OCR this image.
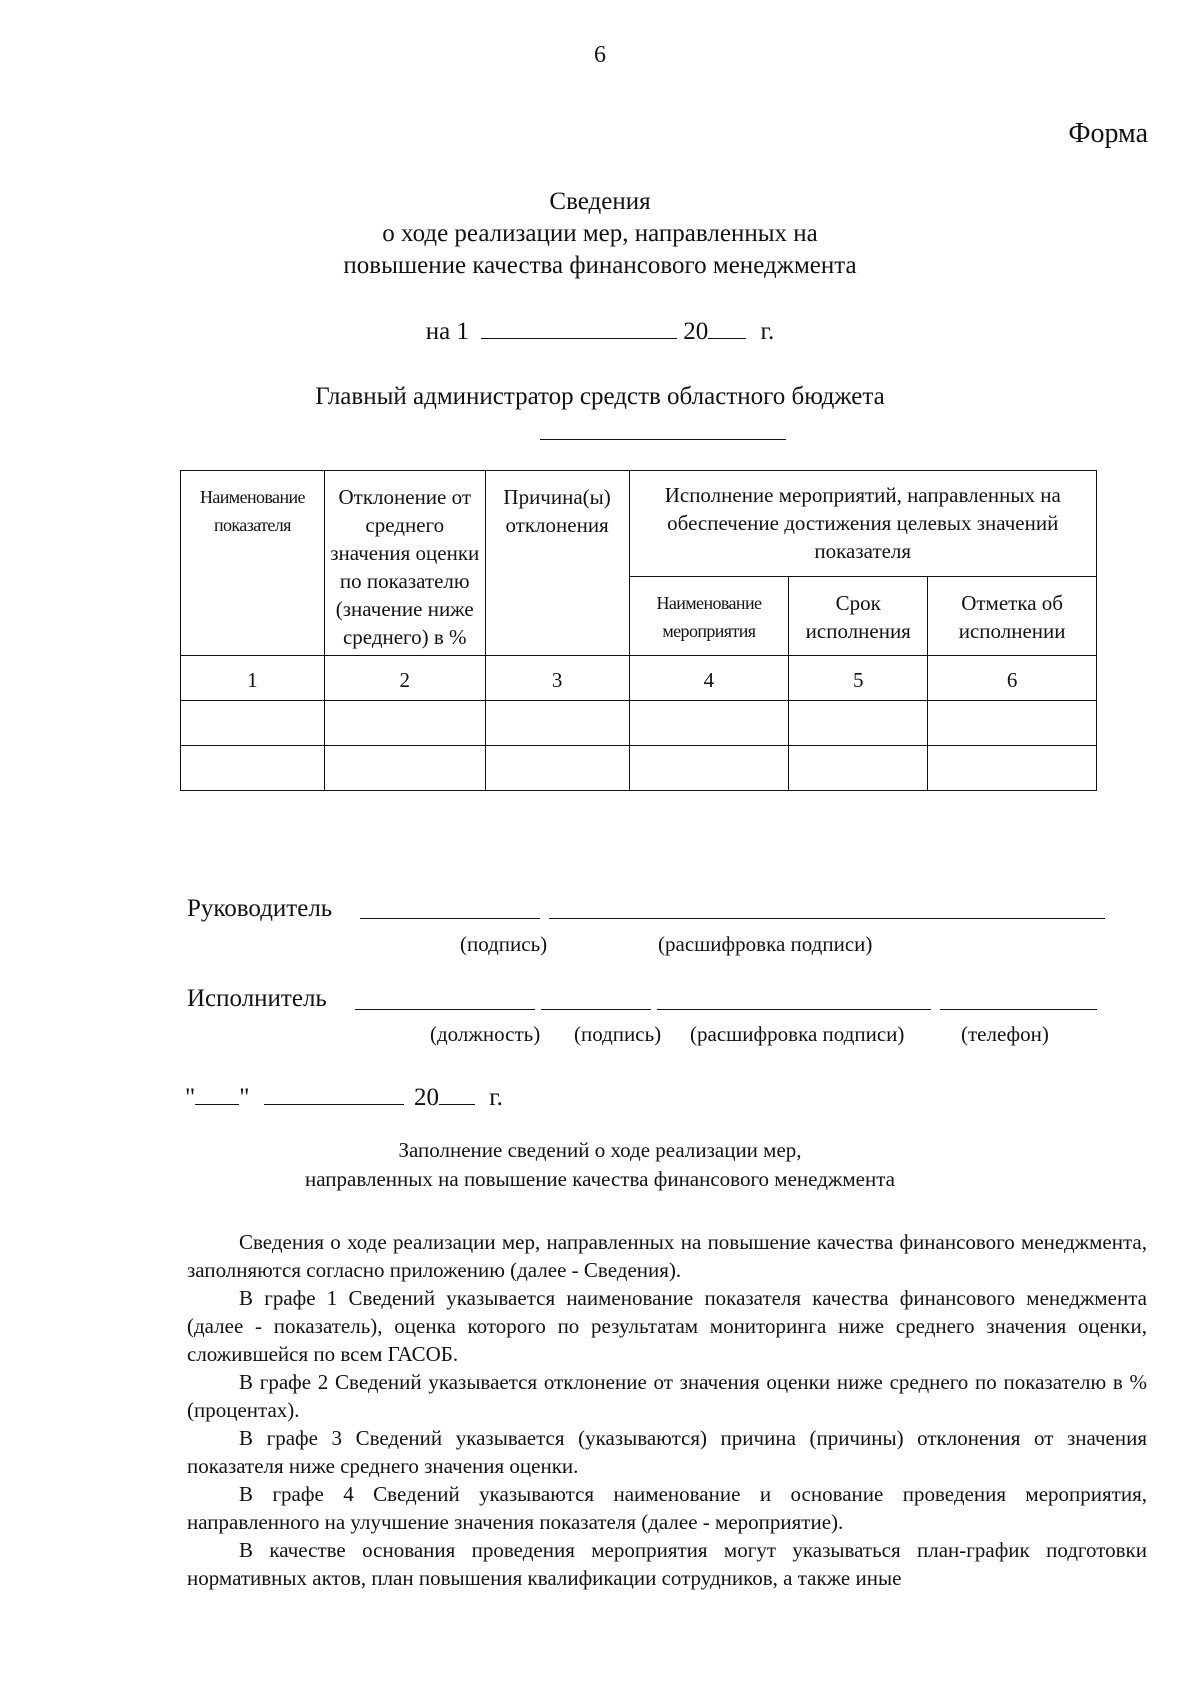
6
Форма
Сведения
о ходе реализации мер, направленных на
повышение качества финансового менеджмента
на 1	20 г.
Главный администратор средств областного бюджета
Наименование показателя	Отклонение от среднего значения оценки по показателю (значение ниже среднего) в %	Причина(ы) отклонения	Исполнение мероприятий, направленных на обеспечение достижения целевых значений показателя		
			Наименование мероприятия	Срок исполнения	Отметка об исполнении
1	2	3	4	5	6

Руководитель
(подпись)	(расшифровка подписи)
Исполнитель
(должность) (подпись) (расшифровка подписи)	(телефон)
" "	20 г.
Заполнение сведений о ходе реализации мер,
направленных на повышение качества финансового менеджмента

Сведения о ходе реализации мер, направленных на повышение качества финансового менеджмента, заполняются согласно приложению (далее - Сведения).

В графе 1 Сведений указывается наименование показателя качества финансового менеджмента (далее - показатель), оценка которого по результатам мониторинга ниже среднего значения оценки, сложившейся по всем ГАСОБ.

В графе 2 Сведений указывается отклонение от значения оценки ниже среднего по показателю в % (процентах).

В графе 3 Сведений указывается (указываются) причина (причины) отклонения от значения показателя ниже среднего значения оценки.

В графе 4 Сведений указываются наименование и основание проведения мероприятия, направленного на улучшение значения показателя (далее - мероприятие).

В качестве основания проведения мероприятия могут указываться план-график подготовки нормативных актов, план повышения квалификации сотрудников, а также иные
